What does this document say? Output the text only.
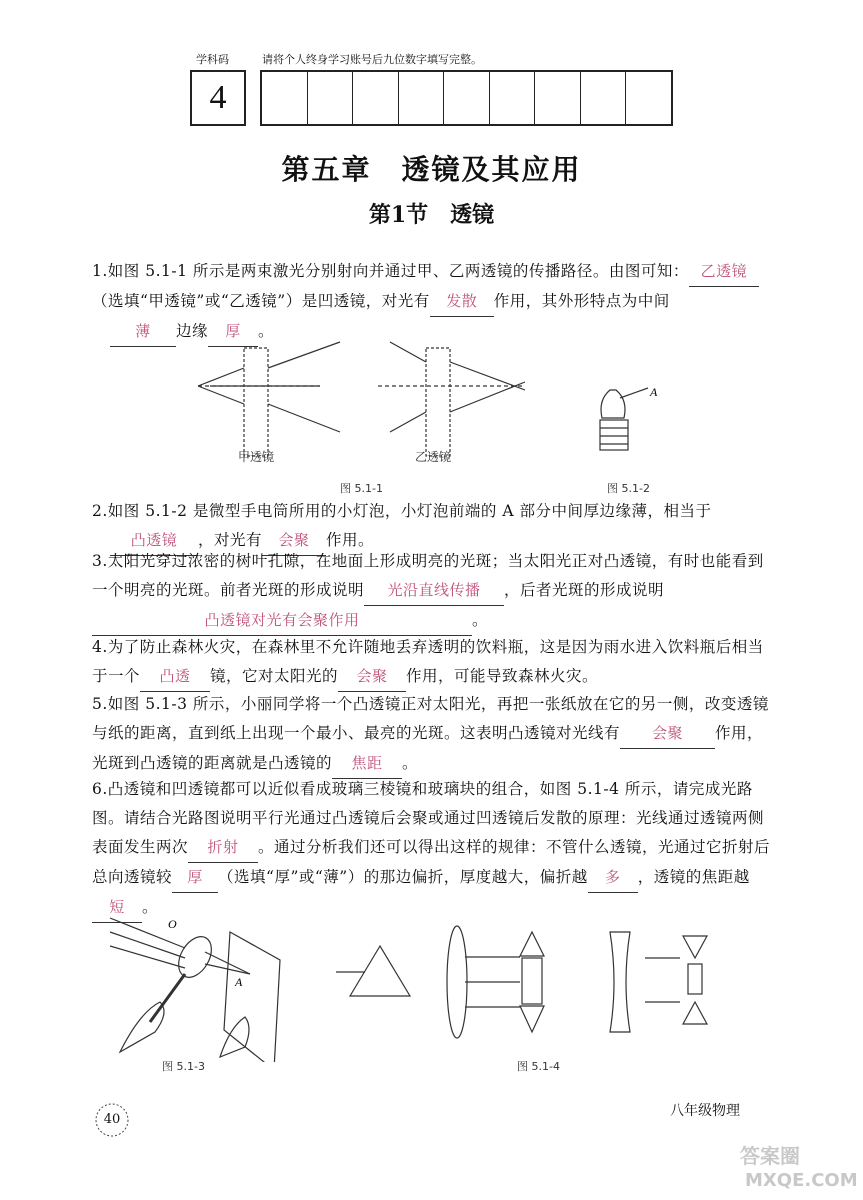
学科码	请将个人终身学习账号后九位数字填写完整。
4
第五章　透镜及其应用
第1节　透镜
1.如图 5.1-1 所示是两束激光分别射向并通过甲、乙两透镜的传播路径。由图可知： 乙透镜（选填“甲透镜”或“乙透镜”）是凹透镜，对光有 发散 作用，其外形特点为中间
薄 边缘 厚 。
A
甲透镜	乙透镜
图 5.1-1	图 5.1-2
2.如图 5.1-2 是微型手电筒所用的小灯泡，小灯泡前端的 A 部分中间厚边缘薄，相当于
凸透镜 ，对光有 会聚 作用。
3.太阳光穿过浓密的树叶孔隙，在地面上形成明亮的光斑；当太阳光正对凸透镜，有时也能看到一个明亮的光斑。前者光斑的形成说明 光沿直线传播 ，后者光斑的形成说明凸透镜对光有会聚作用	。
4.为了防止森林火灾，在森林里不允许随地丢弃透明的饮料瓶，这是因为雨水进入饮料瓶后相当于一个 凸透 镜，它对太阳光的 会聚 作用，可能导致森林火灾。
5.如图 5.1-3 所示，小丽同学将一个凸透镜正对太阳光，再把一张纸放在它的另一侧，改变透镜与纸的距离，直到纸上出现一个最小、最亮的光斑。这表明凸透镜对光线有 会聚 作用，光斑到凸透镜的距离就是凸透镜的 焦距 。
6.凸透镜和凹透镜都可以近似看成玻璃三棱镜和玻璃块的组合，如图 5.1-4 所示，请完成光路图。请结合光路图说明平行光通过凸透镜后会聚或通过凹透镜后发散的原理：光线通过透镜两侧表面发生两次 折射 。通过分析我们还可以得出这样的规律：不管什么透镜，光通过它折射后总向透镜较 厚 （选填“厚”或“薄”）的那边偏折，厚度越大，偏折越 多 ，透镜的焦距越短 。
O
A
图 5.1-3	图 5.1-4
40
八年级物理
答案圈
MXQE.COM
